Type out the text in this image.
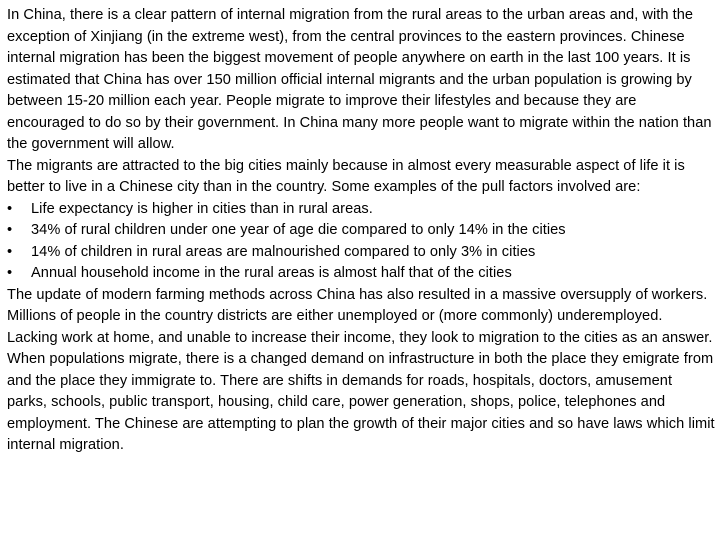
In China, there is a clear pattern of internal migration from the rural areas to the urban areas and, with the exception of Xinjiang (in the extreme west), from the central provinces to the eastern provinces. Chinese internal migration has been the biggest movement of people anywhere on earth in the last 100 years. It is estimated that China has over 150 million official internal migrants and the urban population is growing by between 15-20 million each year. People migrate to improve their lifestyles and because they are encouraged to do so by their government. In China many more people want to migrate within the nation than the government will allow.

The migrants are attracted to the big cities mainly because in almost every measurable aspect of life it is better to live in a Chinese city than in the country. Some examples of the pull factors involved are:

• Life expectancy is higher in cities than in rural areas.
• 34% of rural children under one year of age die compared to only 14% in the cities
• 14% of children in rural areas are malnourished compared to only 3% in cities
• Annual household income in the rural areas is almost half that of the cities

The update of modern farming methods across China has also resulted in a massive oversupply of workers. Millions of people in the country districts are either unemployed or (more commonly) underemployed. Lacking work at home, and unable to increase their income, they look to migration to the cities as an answer.

When populations migrate, there is a changed demand on infrastructure in both the place they emigrate from and the place they immigrate to. There are shifts in demands for roads, hospitals, doctors, amusement parks, schools, public transport, housing, child care, power generation, shops, police, telephones and employment. The Chinese are attempting to plan the growth of their major cities and so have laws which limit internal migration.
